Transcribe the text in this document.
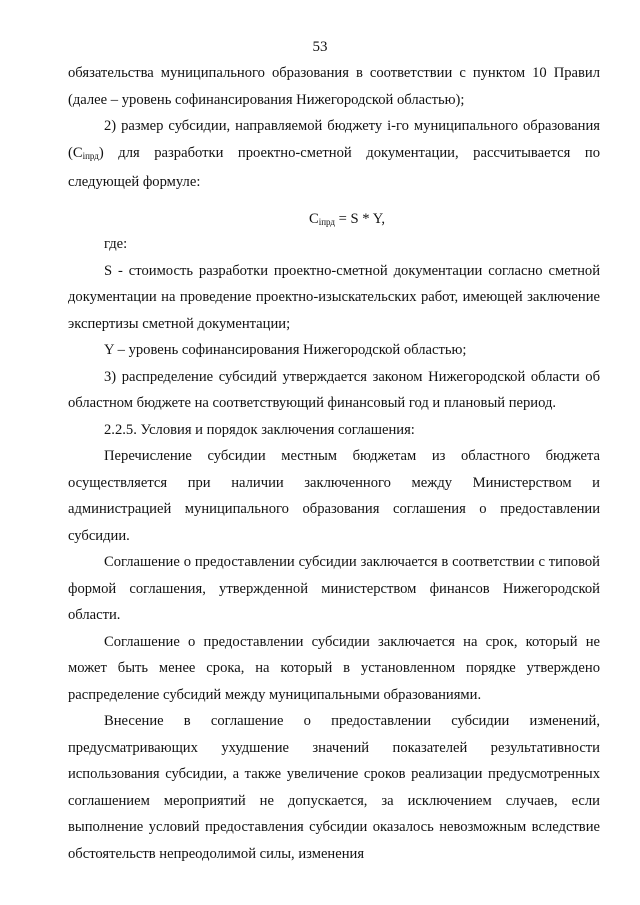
53

обязательства муниципального образования в соответствии с пунктом 10 Правил (далее – уровень софинансирования Нижегородской областью);

2) размер субсидии, направляемой бюджету i-го муниципального образования (Сiпрд) для разработки проектно-сметной документации, рассчитывается по следующей формуле:

$С_{iпрд} = S * Y$,

где:

S - стоимость разработки проектно-сметной документации согласно сметной документации на проведение проектно-изыскательских работ, имеющей заключение экспертизы сметной документации;

Y – уровень софинансирования Нижегородской областью;

3) распределение субсидий утверждается законом Нижегородской области об областном бюджете на соответствующий финансовый год и плановый период.

2.2.5. Условия и порядок заключения соглашения:

Перечисление субсидии местным бюджетам из областного бюджета осуществляется при наличии заключенного между Министерством и администрацией муниципального образования соглашения о предоставлении субсидии.

Соглашение о предоставлении субсидии заключается в соответствии с типовой формой соглашения, утвержденной министерством финансов Нижегородской области.

Соглашение о предоставлении субсидии заключается на срок, который не может быть менее срока, на который в установленном порядке утверждено распределение субсидий между муниципальными образованиями.

Внесение в соглашение о предоставлении субсидии изменений, предусматривающих ухудшение значений показателей результативности использования субсидии, а также увеличение сроков реализации предусмотренных соглашением мероприятий не допускается, за исключением случаев, если выполнение условий предоставления субсидии оказалось невозможным вследствие обстоятельств непреодолимой силы, изменения
